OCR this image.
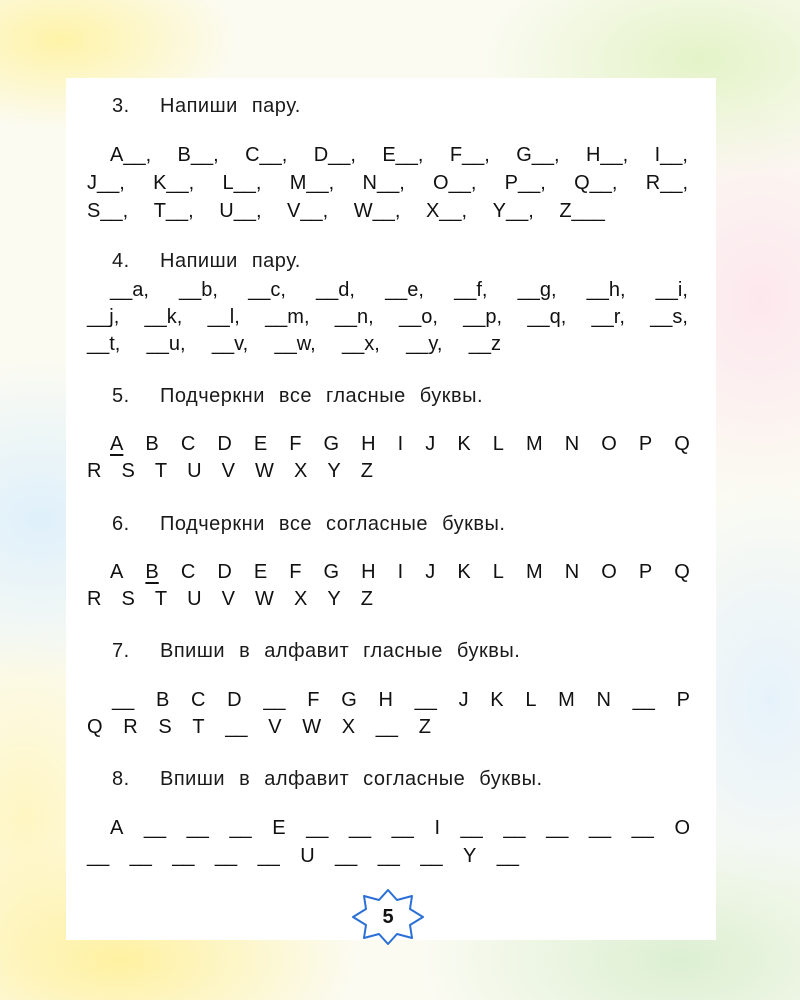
3. Напиши пару.
A__, B__, C__, D__, E__, F__, G__, H__, I__,
J__, K__, L__, M__, N__, O__, P__, Q__, R__,
S__, T__, U__, V__, W__, X__, Y__, Z___
4. Напиши пару.
__a, __b, __c, __d, __e, __f, __g, __h, __i,
__j, __k, __l, __m, __n, __o, __p, __q, __r, __s,
__t, __u, __v, __w, __x, __y, __z
5. Подчеркни все гласные буквы.
A B C D E F G H I J K L M N O P Q
R S T U V W X Y Z
6. Подчеркни все согласные буквы.
A B C D E F G H I J K L M N O P Q
R S T U V W X Y Z
7. Впиши в алфавит гласные буквы.
__ B C D __ F G H __ J K L M N __ P
Q R S T __ V W X __ Z
8. Впиши в алфавит согласные буквы.
A __ __ __ E __ __ __ I __ __ __ __ __ O
__ __ __ __ __ U __ __ __ Y __
5
